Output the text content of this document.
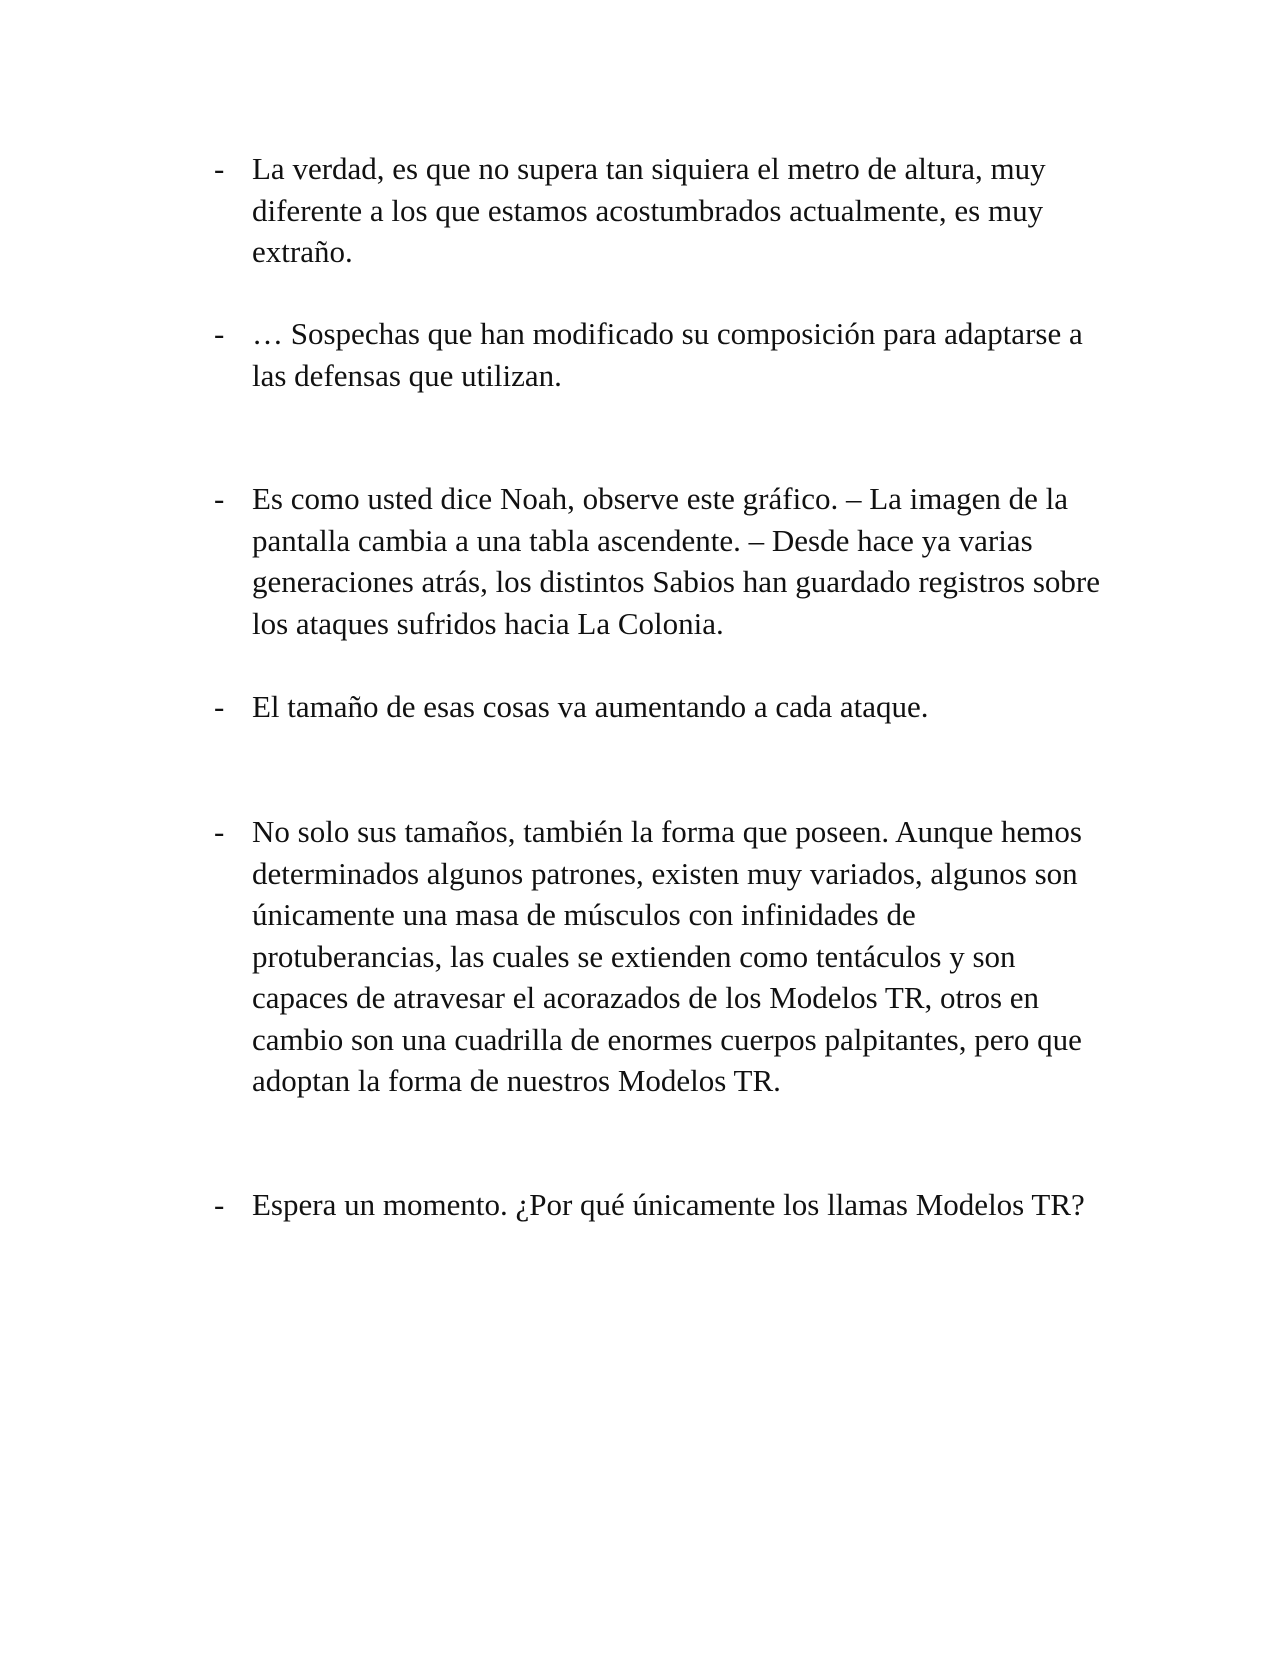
- La verdad, es que no supera tan siquiera el metro de altura, muy diferente a los que estamos acostumbrados actualmente, es muy extraño.
- … Sospechas que han modificado su composición para adaptarse a las defensas que utilizan.
- Es como usted dice Noah, observe este gráfico. – La imagen de la pantalla cambia a una tabla ascendente. – Desde hace ya varias generaciones atrás, los distintos Sabios han guardado registros sobre los ataques sufridos hacia La Colonia.
- El tamaño de esas cosas va aumentando a cada ataque.
- No solo sus tamaños, también la forma que poseen. Aunque hemos determinados algunos patrones, existen muy variados, algunos son únicamente una masa de músculos con infinidades de protuberancias, las cuales se extienden como tentáculos y son capaces de atravesar el acorazados de los Modelos TR, otros en cambio son una cuadrilla de enormes cuerpos palpitantes, pero que adoptan la forma de nuestros Modelos TR.
- Espera un momento. ¿Por qué únicamente los llamas Modelos TR?
